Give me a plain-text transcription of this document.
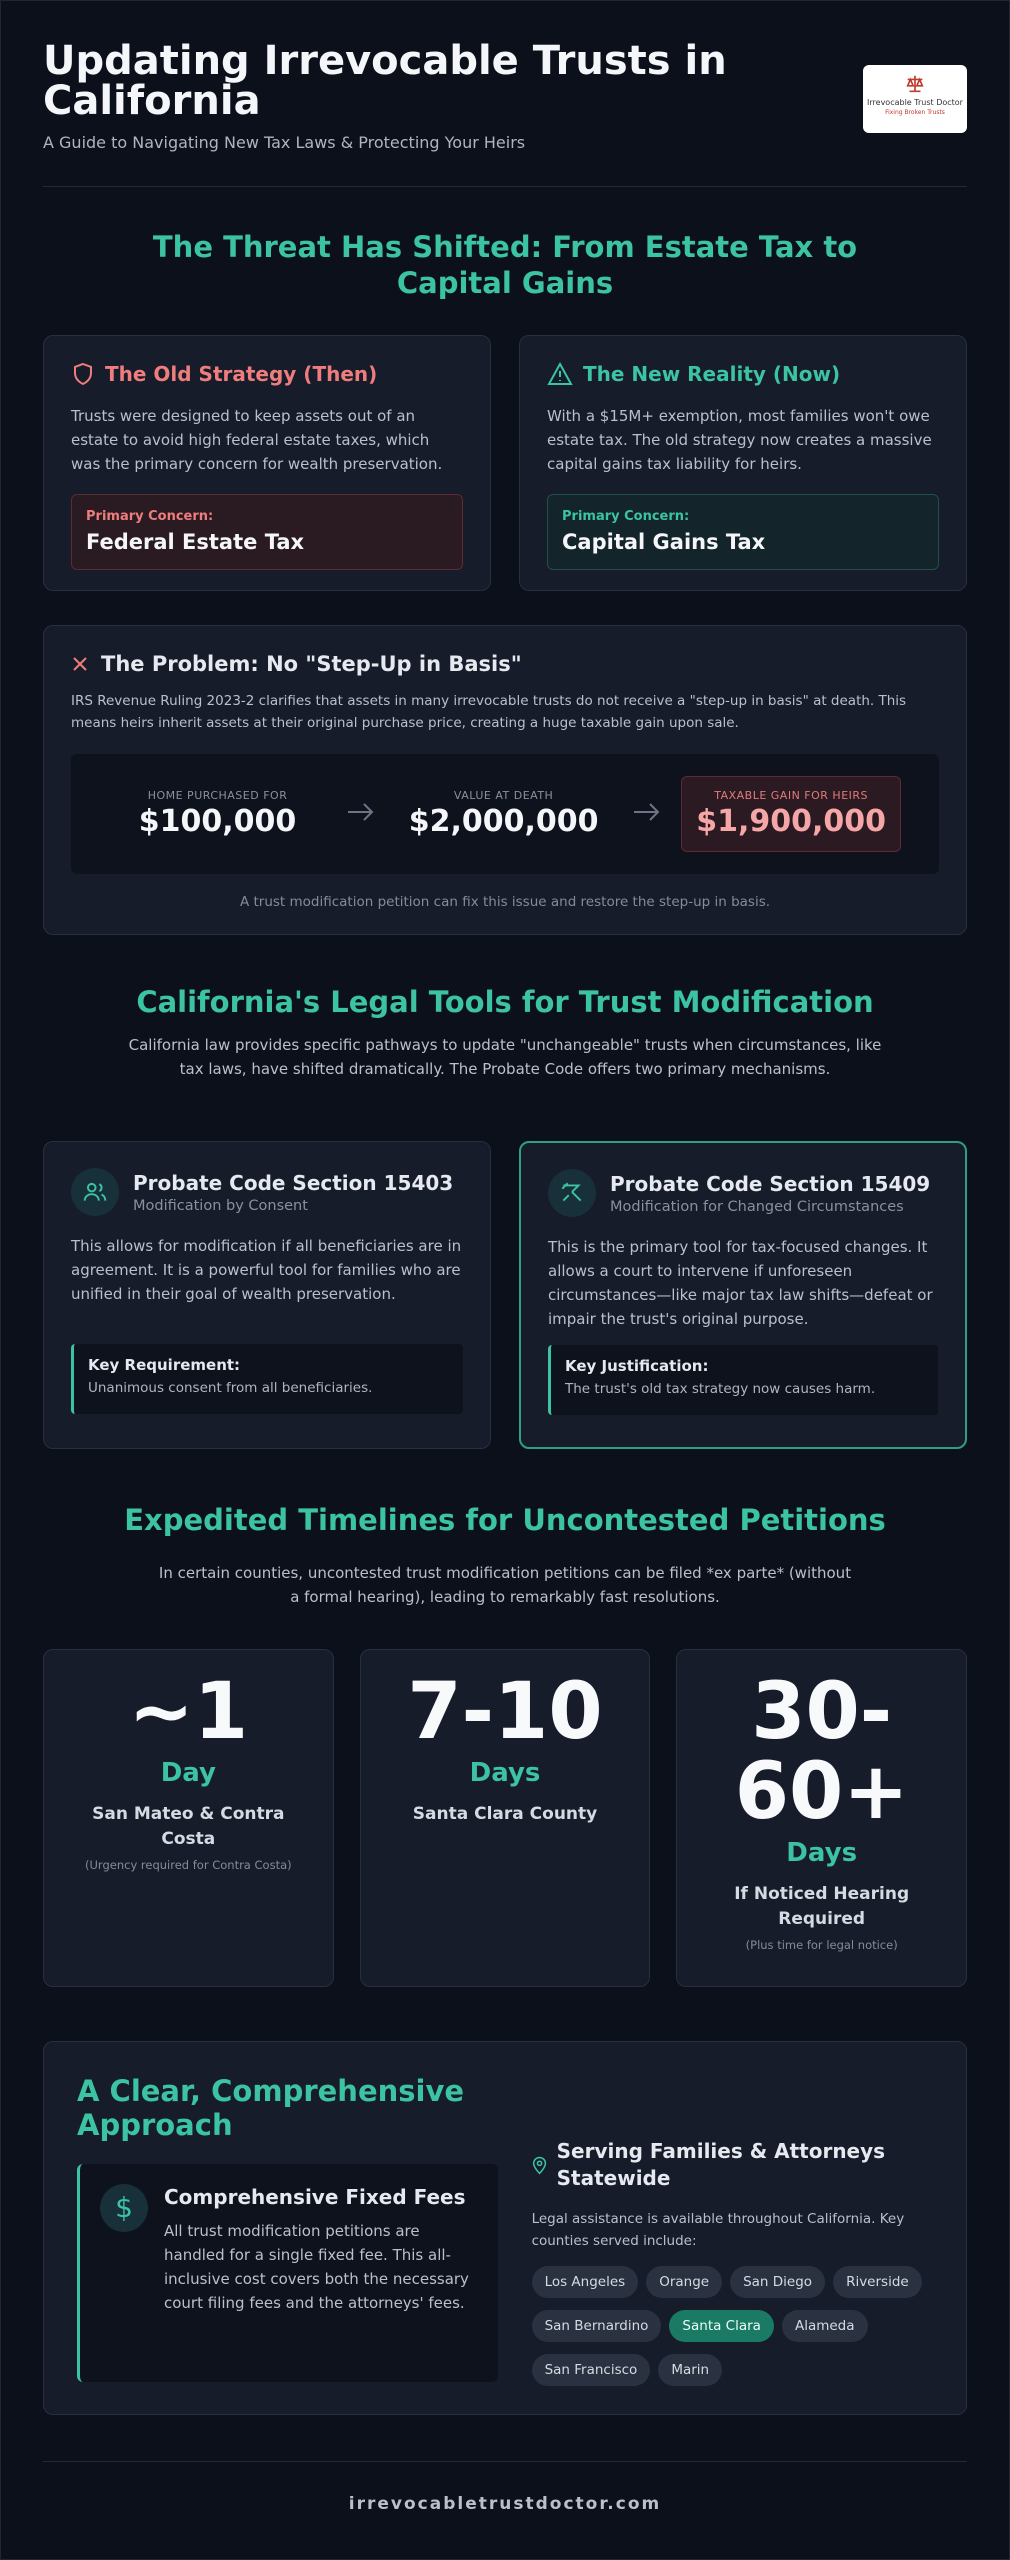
Updating Irrevocable Trusts in California
A Guide to Navigating New Tax Laws & Protecting Your Heirs
Irrevocable Trust Doctor
Fixing Broken Trusts
The Threat Has Shifted: From Estate Tax to Capital Gains
The Old Strategy (Then)

Trusts were designed to keep assets out of an estate to avoid high federal estate taxes, which was the primary concern for wealth preservation.

Primary Concern:
Federal Estate Tax
The New Reality (Now)

With a $15M+ exemption, most families won't owe estate tax. The old strategy now creates a massive capital gains tax liability for heirs.

Primary Concern:
Capital Gains Tax
The Problem: No "Step-Up in Basis"

IRS Revenue Ruling 2023-2 clarifies that assets in many irrevocable trusts do not receive a "step-up in basis" at death. This means heirs inherit assets at their original purchase price, creating a huge taxable gain upon sale.

HOME PURCHASED FOR
$100,000
VALUE AT DEATH
$2,000,000
TAXABLE GAIN FOR HEIRS
$1,900,000
A trust modification petition can fix this issue and restore the step-up in basis.
California's Legal Tools for Trust Modification
California law provides specific pathways to update "unchangeable" trusts when circumstances, like tax laws, have shifted dramatically. The Probate Code offers two primary mechanisms.
Probate Code Section 15403
Modification by Consent

This allows for modification if all beneficiaries are in agreement. It is a powerful tool for families who are unified in their goal of wealth preservation.

Key Requirement:
Unanimous consent from all beneficiaries.
Probate Code Section 15409
Modification for Changed Circumstances

This is the primary tool for tax-focused changes. It allows a court to intervene if unforeseen circumstances—like major tax law shifts—defeat or impair the trust's original purpose.

Key Justification:
The trust's old tax strategy now causes harm.
Expedited Timelines for Uncontested Petitions
In certain counties, uncontested trust modification petitions can be filed *ex parte* (without a formal hearing), leading to remarkably fast resolutions.
~1
Day
San Mateo & Contra Costa
(Urgency required for Contra Costa)
7-10
Days
Santa Clara County
30-
60+
Days
If Noticed Hearing Required
(Plus time for legal notice)
A Clear, Comprehensive Approach
$	Comprehensive Fixed Fees

All trust modification petitions are handled for a single fixed fee. This all-inclusive cost covers both the necessary court filing fees and the attorneys' fees.

Serving Families & Attorneys Statewide

Legal assistance is available throughout California. Key counties served include:

Los Angeles	Orange	San Diego	Riverside
San Bernardino	Santa Clara	Alameda
San Francisco	Marin
irrevocabletrustdoctor.com
